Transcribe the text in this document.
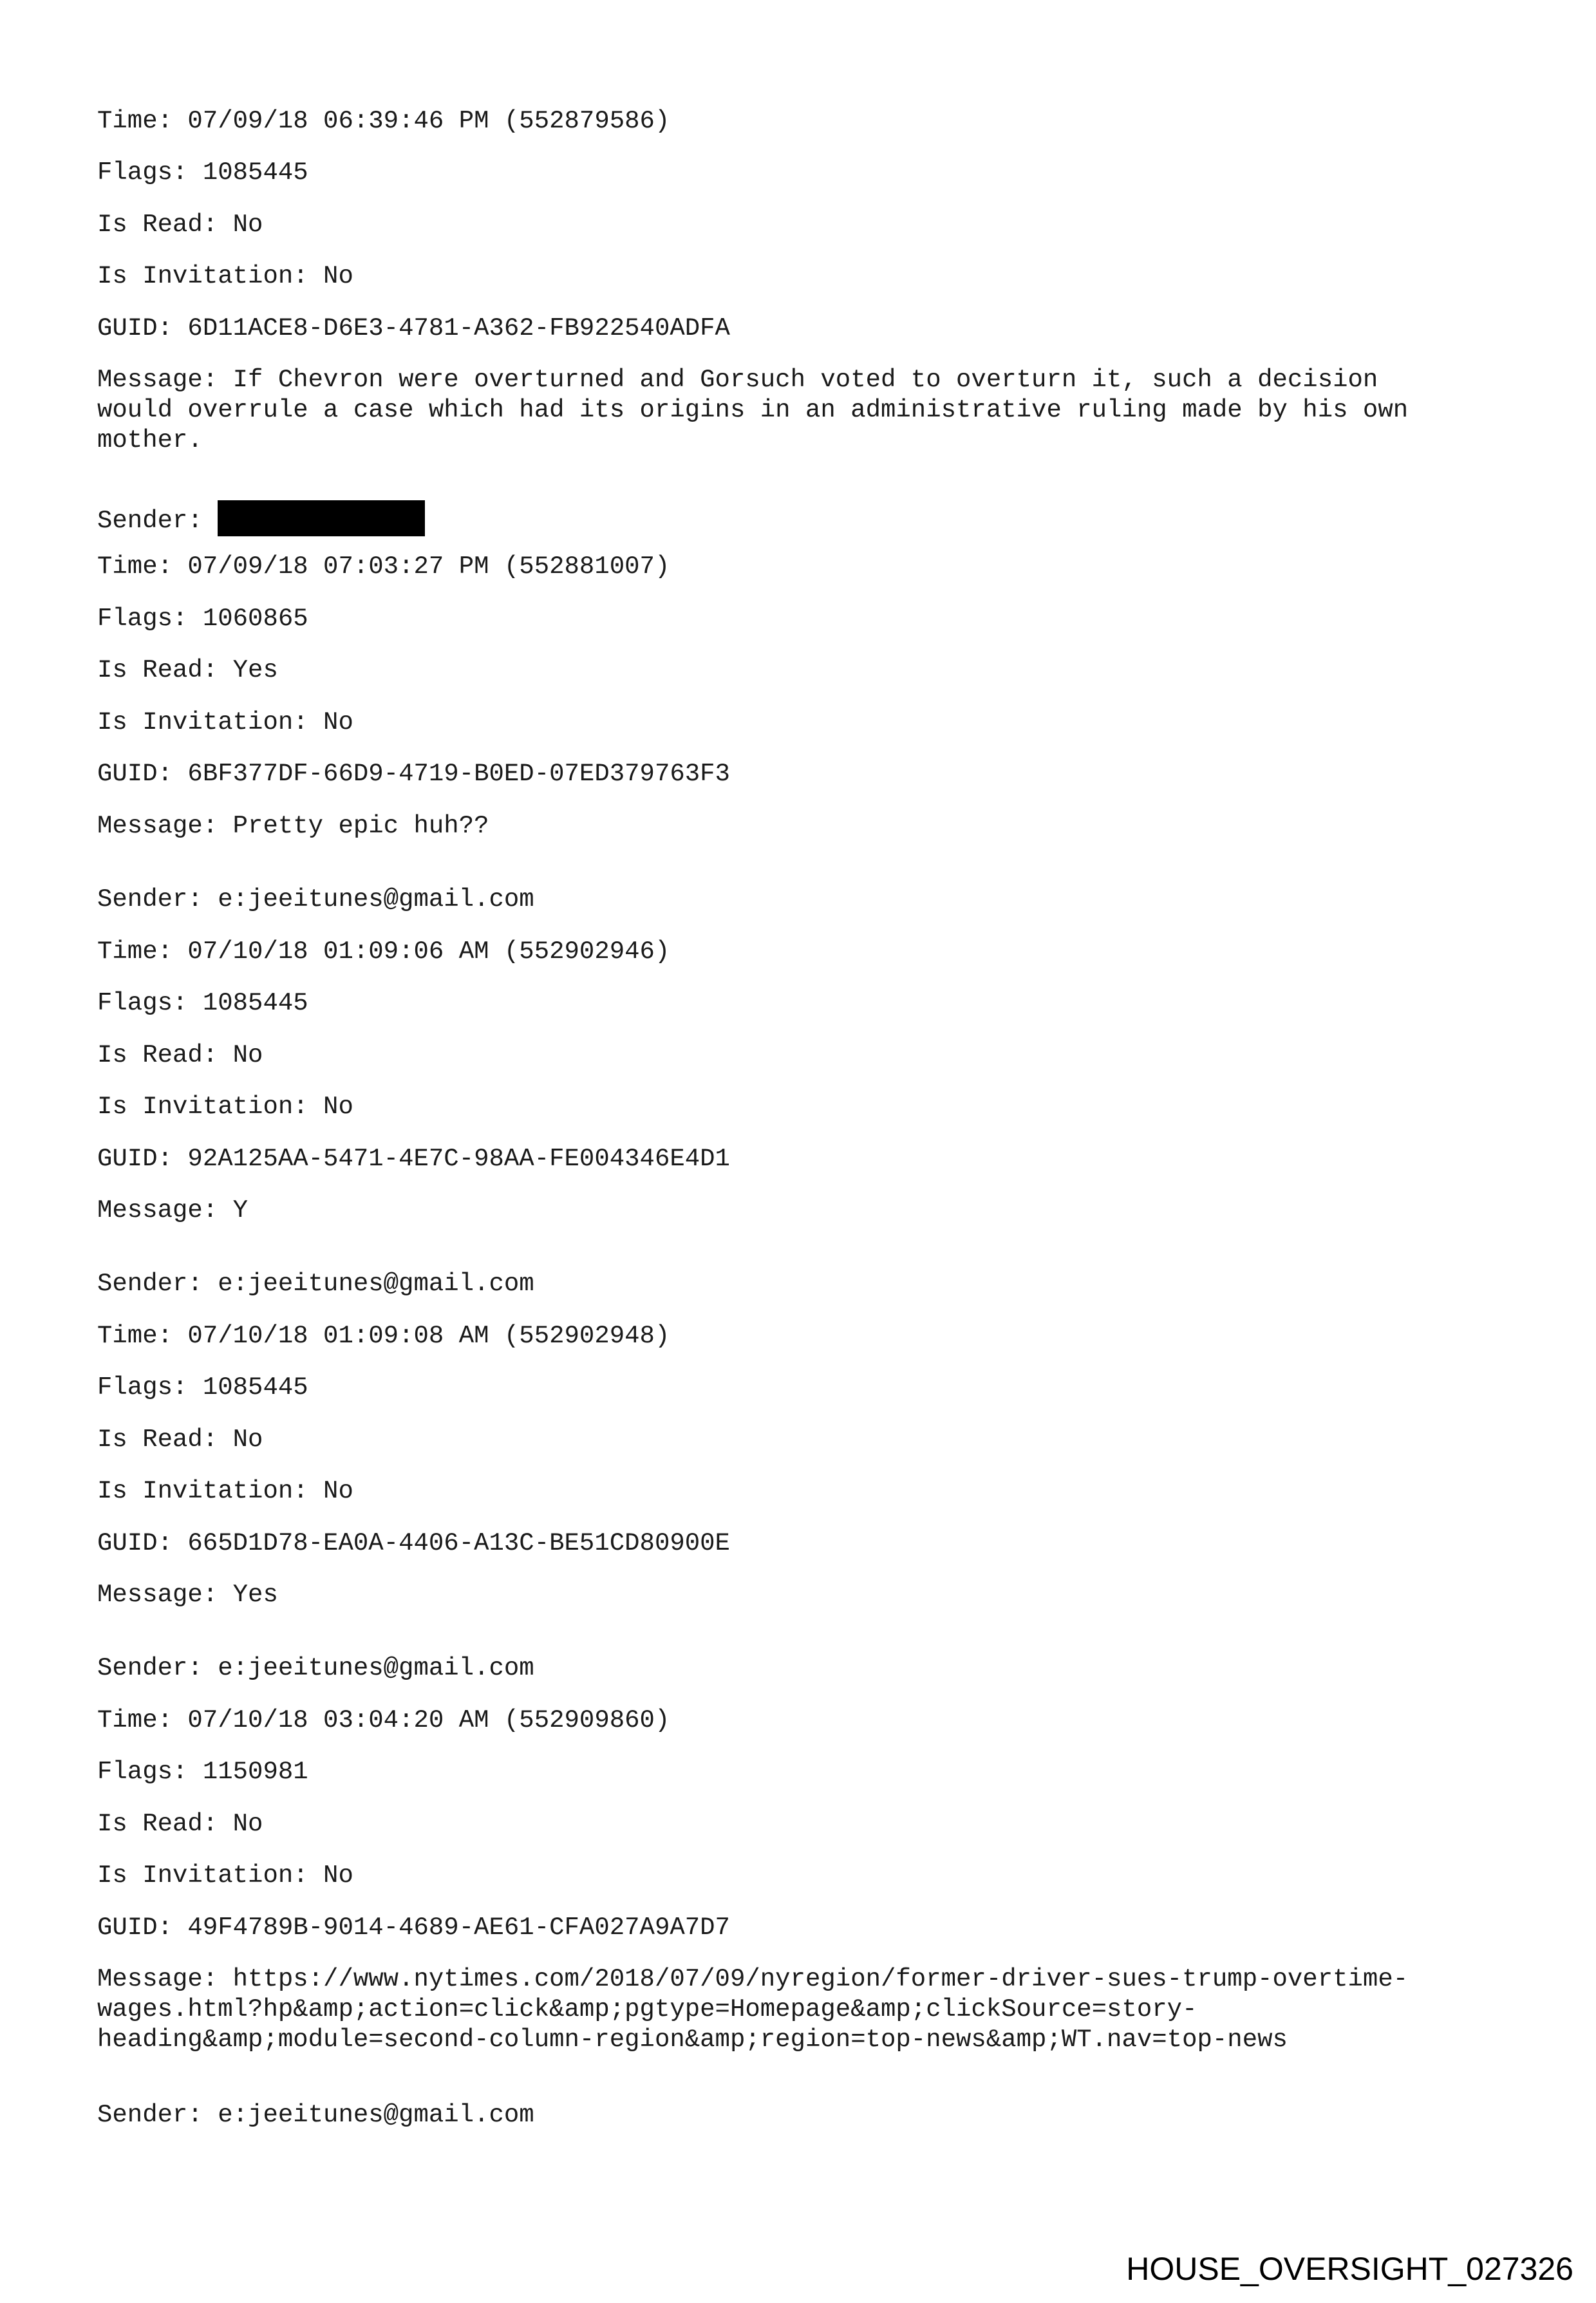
Time: 07/09/18 06:39:46 PM (552879586)
Flags: 1085445
Is Read: No
Is Invitation: No
GUID: 6D11ACE8-D6E3-4781-A362-FB922540ADFA
Message: If Chevron were overturned and Gorsuch voted to overturn it, such a decision
would overrule a case which had its origins in an administrative ruling made by his own
mother.
Sender:
Time: 07/09/18 07:03:27 PM (552881007)
Flags: 1060865
Is Read: Yes
Is Invitation: No
GUID: 6BF377DF-66D9-4719-B0ED-07ED379763F3
Message: Pretty epic huh??
Sender: e:jeeitunes@gmail.com
Time: 07/10/18 01:09:06 AM (552902946)
Flags: 1085445
Is Read: No
Is Invitation: No
GUID: 92A125AA-5471-4E7C-98AA-FE004346E4D1
Message: Y
Sender: e:jeeitunes@gmail.com
Time: 07/10/18 01:09:08 AM (552902948)
Flags: 1085445
Is Read: No
Is Invitation: No
GUID: 665D1D78-EA0A-4406-A13C-BE51CD80900E
Message: Yes
Sender: e:jeeitunes@gmail.com
Time: 07/10/18 03:04:20 AM (552909860)
Flags: 1150981
Is Read: No
Is Invitation: No
GUID: 49F4789B-9014-4689-AE61-CFA027A9A7D7
Message: https://www.nytimes.com/2018/07/09/nyregion/former-driver-sues-trump-overtime-
wages.html?hp&amp;action=click&amp;pgtype=Homepage&amp;clickSource=story-
heading&amp;module=second-column-region&amp;region=top-news&amp;WT.nav=top-news
Sender: e:jeeitunes@gmail.com
HOUSE_OVERSIGHT_027326
